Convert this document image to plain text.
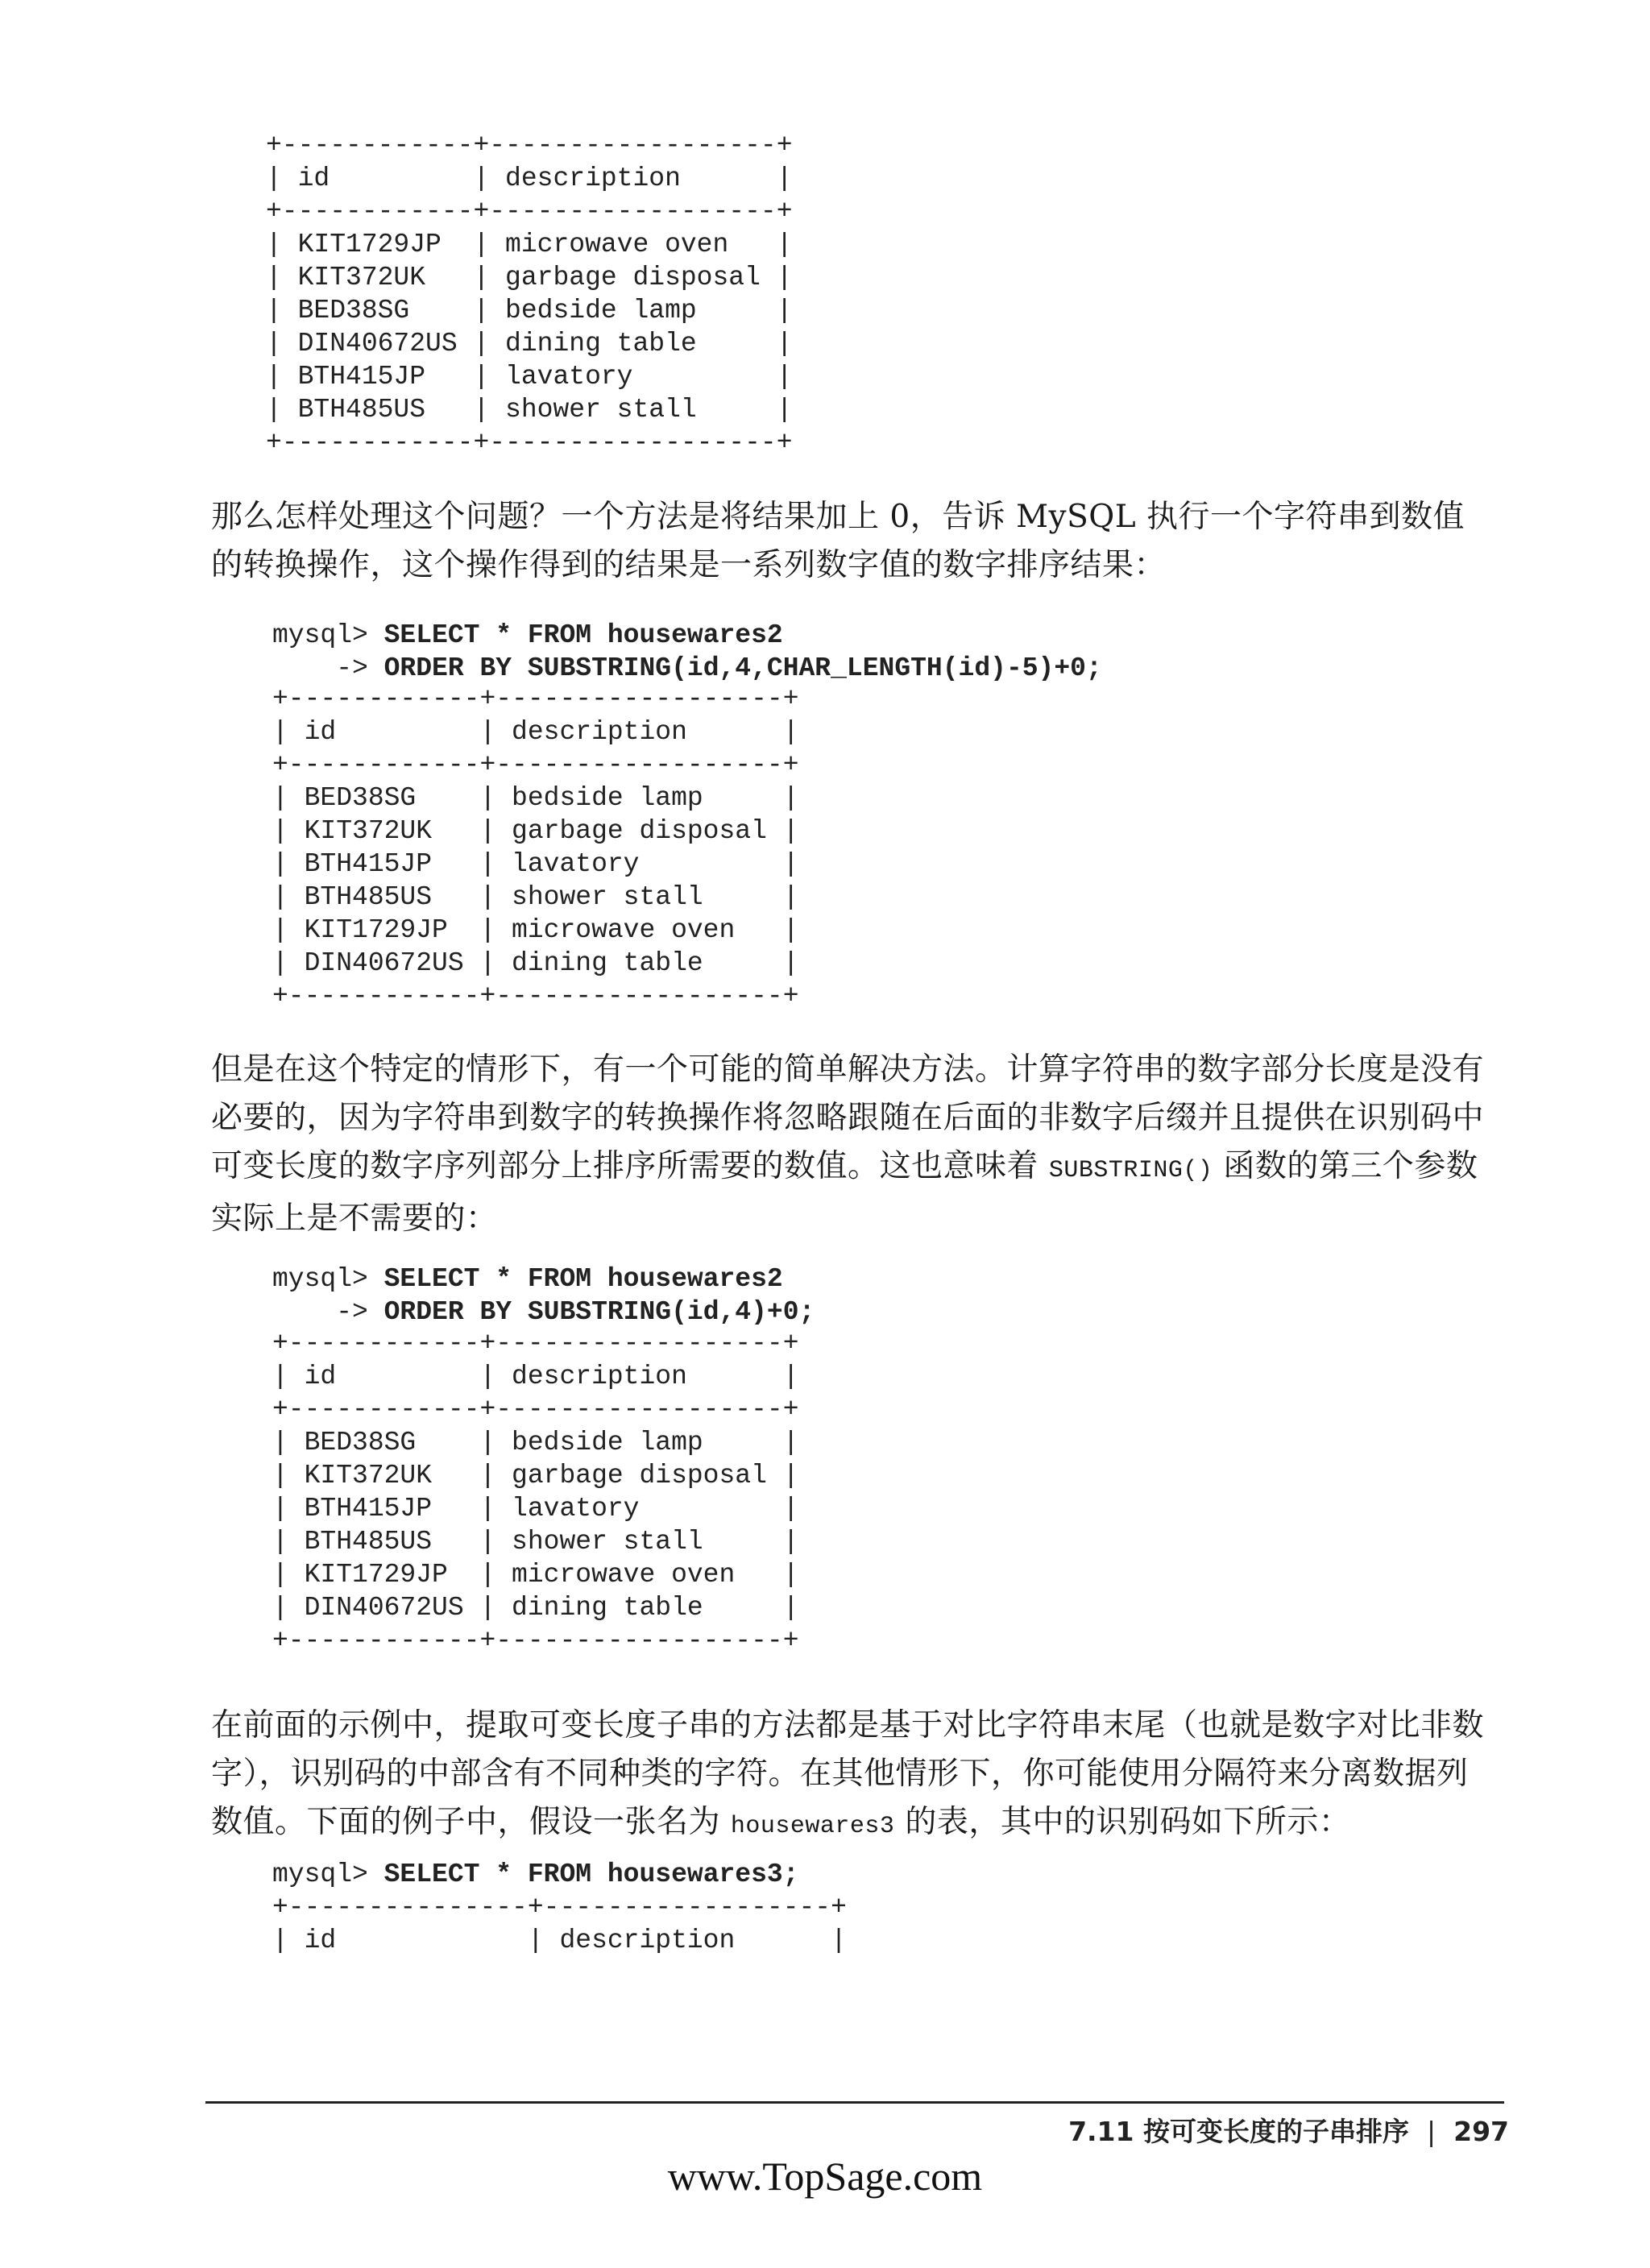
+------------+------------------+
| id         | description      |
+------------+------------------+
| KIT1729JP  | microwave oven   |
| KIT372UK   | garbage disposal |
| BED38SG    | bedside lamp     |
| DIN40672US | dining table     |
| BTH415JP   | lavatory         |
| BTH485US   | shower stall     |
+------------+------------------+
那么怎样处理这个问题？一个方法是将结果加上 0，告诉 MySQL 执行一个字符串到数值的转换操作，这个操作得到的结果是一系列数字值的数字排序结果：
mysql> SELECT * FROM housewares2
-> ORDER BY SUBSTRING(id,4,CHAR_LENGTH(id)-5)+0;
+------------+------------------+
| id         | description      |
+------------+------------------+
| BED38SG    | bedside lamp     |
| KIT372UK   | garbage disposal |
| BTH415JP   | lavatory         |
| BTH485US   | shower stall     |
| KIT1729JP  | microwave oven   |
| DIN40672US | dining table     |
+------------+------------------+
但是在这个特定的情形下，有一个可能的简单解决方法。计算字符串的数字部分长度是没有必要的，因为字符串到数字的转换操作将忽略跟随在后面的非数字后缀并且提供在识别码中可变长度的数字序列部分上排序所需要的数值。这也意味着 SUBSTRING() 函数的第三个参数实际上是不需要的：
mysql> SELECT * FROM housewares2
-> ORDER BY SUBSTRING(id,4)+0;
+------------+------------------+
| id         | description      |
+------------+------------------+
| BED38SG    | bedside lamp     |
| KIT372UK   | garbage disposal |
| BTH415JP   | lavatory         |
| BTH485US   | shower stall     |
| KIT1729JP  | microwave oven   |
| DIN40672US | dining table     |
+------------+------------------+
在前面的示例中，提取可变长度子串的方法都是基于对比字符串末尾（也就是数字对比非数字），识别码的中部含有不同种类的字符。在其他情形下，你可能使用分隔符来分离数据列数值。下面的例子中，假设一张名为 housewares3 的表，其中的识别码如下所示：
mysql> SELECT * FROM housewares3;
+---------------+------------------+
| id            | description      |
7.11 按可变长度的子串排序 | 297
www.TopSage.com
